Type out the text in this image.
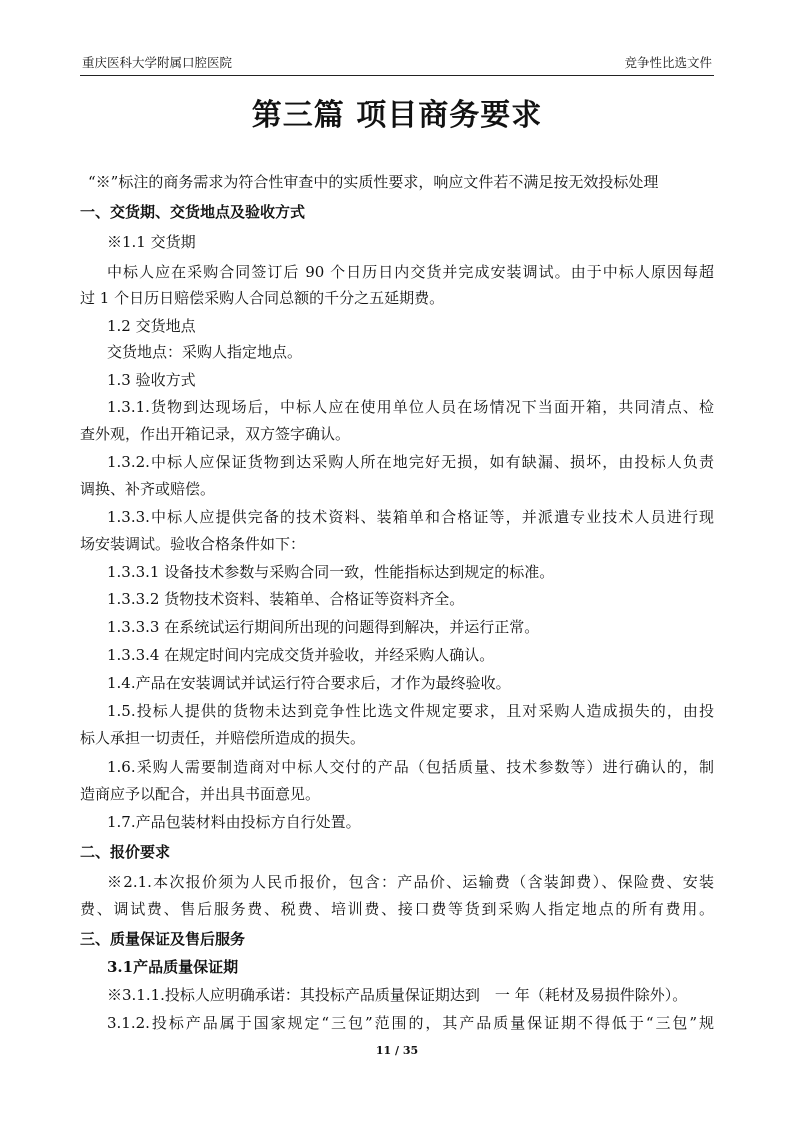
重庆医科大学附属口腔医院	竞争性比选文件
第三篇 项目商务要求
“※”标注的商务需求为符合性审查中的实质性要求，响应文件若不满足按无效投标处理
一、交货期、交货地点及验收方式
※1.1 交货期
中标人应在采购合同签订后 90 个日历日内交货并完成安装调试。由于中标人原因每超
过 1 个日历日赔偿采购人合同总额的千分之五延期费。
1.2 交货地点
交货地点：采购人指定地点。
1.3 验收方式
1.3.1.货物到达现场后，中标人应在使用单位人员在场情况下当面开箱，共同清点、检
查外观，作出开箱记录，双方签字确认。
1.3.2.中标人应保证货物到达采购人所在地完好无损，如有缺漏、损坏，由投标人负责
调换、补齐或赔偿。
1.3.3.中标人应提供完备的技术资料、装箱单和合格证等，并派遣专业技术人员进行现
场安装调试。验收合格条件如下：
1.3.3.1 设备技术参数与采购合同一致，性能指标达到规定的标准。
1.3.3.2 货物技术资料、装箱单、合格证等资料齐全。
1.3.3.3 在系统试运行期间所出现的问题得到解决，并运行正常。
1.3.3.4 在规定时间内完成交货并验收，并经采购人确认。
1.4.产品在安装调试并试运行符合要求后，才作为最终验收。
1.5.投标人提供的货物未达到竞争性比选文件规定要求，且对采购人造成损失的，由投
标人承担一切责任，并赔偿所造成的损失。
1.6.采购人需要制造商对中标人交付的产品（包括质量、技术参数等）进行确认的，制
造商应予以配合，并出具书面意见。
1.7.产品包装材料由投标方自行处置。
二、报价要求
※2.1.本次报价须为人民币报价，包含：产品价、运输费（含装卸费）、保险费、安装
费、调试费、售后服务费、税费、培训费、接口费等货到采购人指定地点的所有费用。
三、质量保证及售后服务
3.1产品质量保证期
※3.1.1.投标人应明确承诺：其投标产品质量保证期达到　一 年（耗材及易损件除外）。
3.1.2.投标产品属于国家规定“三包”范围的，其产品质量保证期不得低于“三包”规
11 / 35
